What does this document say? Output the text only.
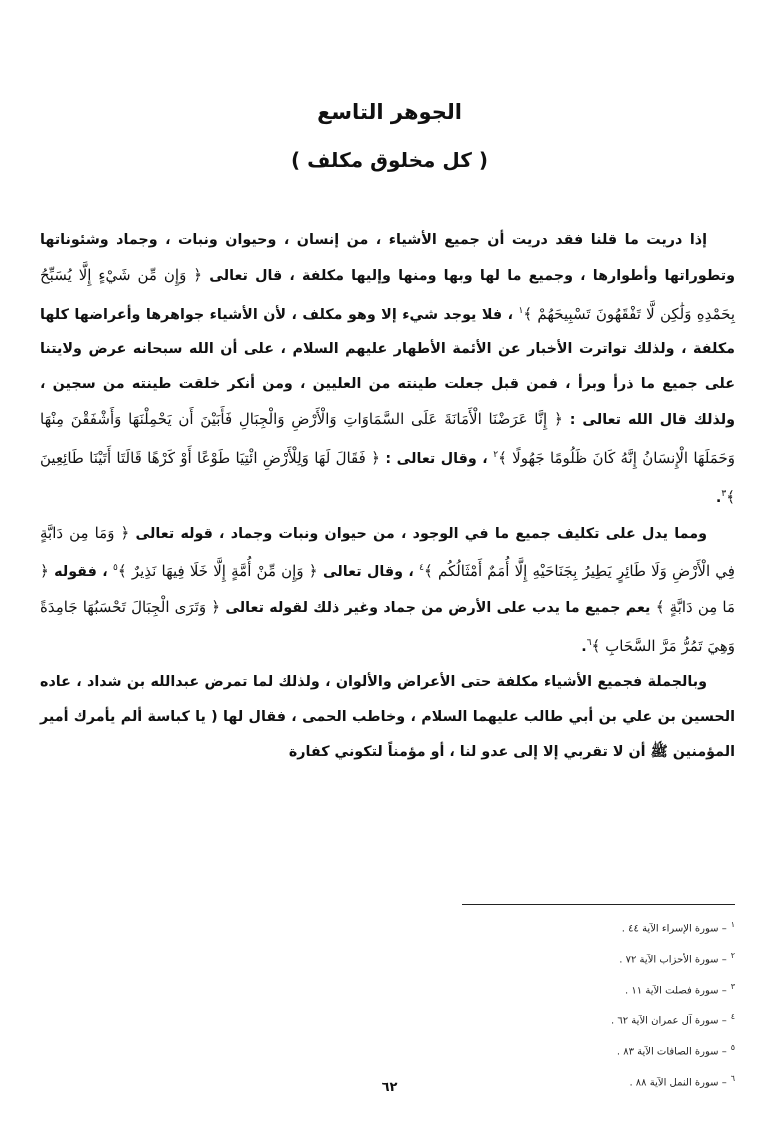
الجوهر التاسع
( كل مخلوق مكلف )

إذا دريت ما قلنا فقد دريت أن جميع الأشياء ، من إنسان ، وحيوان ونبات ، وجماد وشئوناتها وتطوراتها وأطوارها ، وجميع ما لها وبها ومنها وإليها مكلفة ، قال تعالى ﴿ وَإِن مِّن شَيْءٍ إِلَّا يُسَبِّحُ بِحَمْدِهِ وَلَٰكِن لَّا تَفْقَهُونَ تَسْبِيحَهُمْ ﴾$^١$ ، فلا يوجد شيء إلا وهو مكلف ، لأن الأشياء جواهرها وأعراضها كلها مكلفة ، ولذلك تواترت الأخبار عن الأئمة الأطهار عليهم السلام ، على أن الله سبحانه عرض ولايتنا على جميع ما ذرأ وبرأ ، فمن قبل جعلت طينته من العليين ، ومن أنكر خلقت طينته من سجين ، ولذلك قال الله تعالى : ﴿ إِنَّا عَرَضْنَا الْأَمَانَةَ عَلَى السَّمَاوَاتِ وَالْأَرْضِ وَالْجِبَالِ فَأَبَيْنَ أَن يَحْمِلْنَهَا وَأَشْفَقْنَ مِنْهَا وَحَمَلَهَا الْإِنسَانُ إِنَّهُ كَانَ ظَلُومًا جَهُولًا ﴾$^٢$ ، وقال تعالى : ﴿ فَقَالَ لَهَا وَلِلْأَرْضِ ائْتِيَا طَوْعًا أَوْ كَرْهًا قَالَتَا أَتَيْنَا طَائِعِينَ ﴾$^٣$.

ومما يدل على تكليف جميع ما في الوجود ، من حيوان ونبات وجماد ، قوله تعالى ﴿ وَمَا مِن دَابَّةٍ فِي الْأَرْضِ وَلَا طَائِرٍ يَطِيرُ بِجَنَاحَيْهِ إِلَّا أُمَمٌ أَمْثَالُكُم ﴾$^٤$ ، وقال تعالى ﴿ وَإِن مِّنْ أُمَّةٍ إِلَّا خَلَا فِيهَا نَذِيرٌ ﴾$^٥$ ، فقوله ﴿ مَا مِن دَابَّةٍ ﴾ يعم جميع ما يدب على الأرض من جماد وغير ذلك لقوله تعالى ﴿ وَتَرَى الْجِبَالَ تَحْسَبُهَا جَامِدَةً وَهِيَ تَمُرُّ مَرَّ السَّحَابِ ﴾$^٦$.

وبالجملة فجميع الأشياء مكلفة حتى الأعراض والألوان ، ولذلك لما تمرض عبدالله بن شداد ، عاده الحسين بن علي بن أبي طالب عليهما السلام ، وخاطب الحمى ، فقال لها ( يا كباسة ألم يأمرك أمير المؤمنين ﷺ أن لا تقربي إلا إلى عدو لنا ، أو مؤمناً لتكوني كفارة

$^١$– سورة الإسراء الآية ٤٤ .
$^٢$– سورة الأحزاب الآية ٧٢ .
$^٣$– سورة فصلت الآية ١١ .
$^٤$– سورة آل عمران الآية ٦٢ .
$^٥$– سورة الصافات الآية ٨٣ .
$^٦$– سورة النمل الآية ٨٨ .
٦٢
